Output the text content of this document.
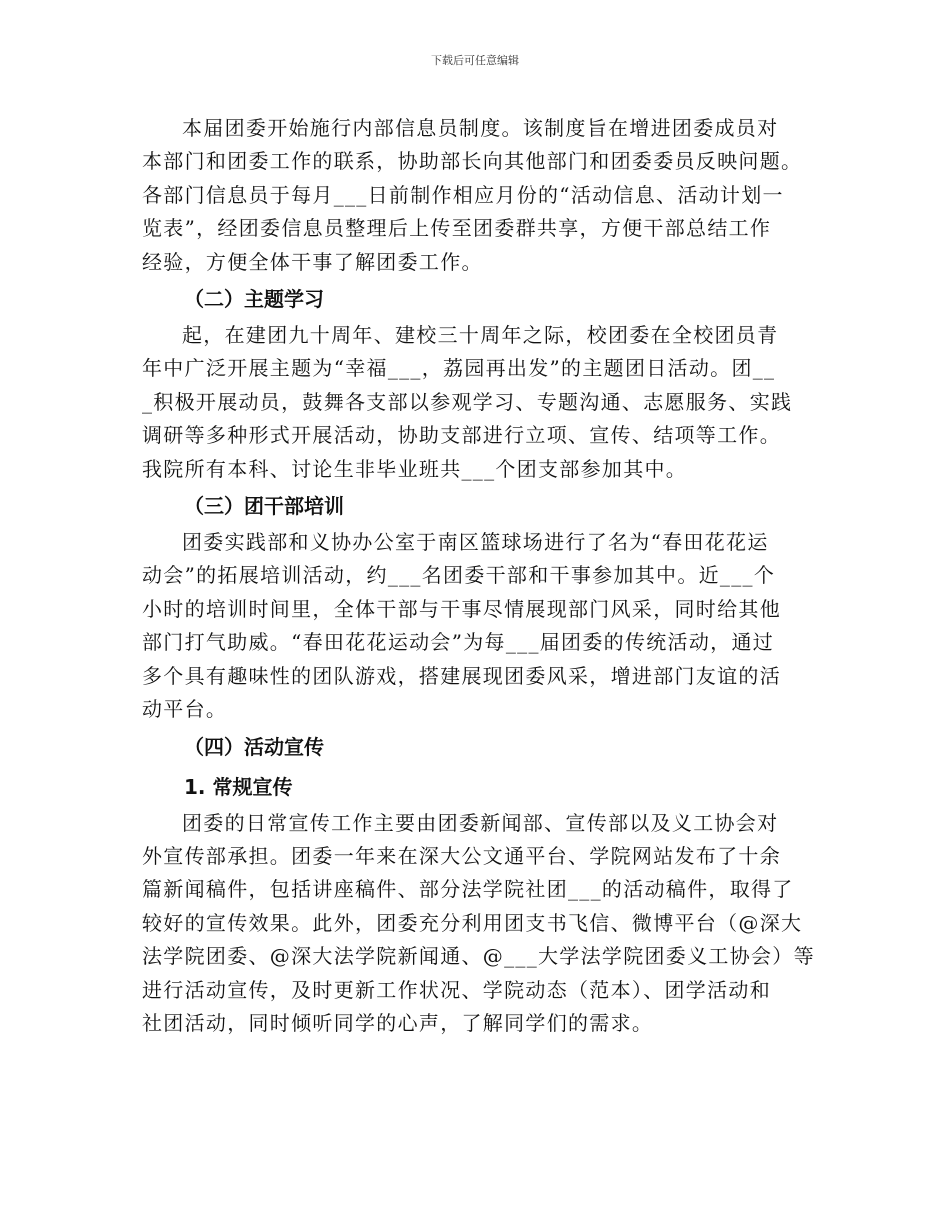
下载后可任意编辑

本届团委开始施行内部信息员制度。该制度旨在增进团委成员对
本部门和团委工作的联系，协助部长向其他部门和团委委员反映问题。
各部门信息员于每月___日前制作相应月份的“活动信息、活动计划一
览表”，经团委信息员整理后上传至团委群共享，方便干部总结工作
经验，方便全体干事了解团委工作。

（二）主题学习

起，在建团九十周年、建校三十周年之际，校团委在全校团员青
年中广泛开展主题为“幸福___，荔园再出发”的主题团日活动。团__
_积极开展动员，鼓舞各支部以参观学习、专题沟通、志愿服务、实践
调研等多种形式开展活动，协助支部进行立项、宣传、结项等工作。
我院所有本科、讨论生非毕业班共___个团支部参加其中。

（三）团干部培训

团委实践部和义协办公室于南区篮球场进行了名为“春田花花运
动会”的拓展培训活动，约___名团委干部和干事参加其中。近___个
小时的培训时间里，全体干部与干事尽情展现部门风采，同时给其他
部门打气助威。“春田花花运动会”为每___届团委的传统活动，通过
多个具有趣味性的团队游戏，搭建展现团委风采，增进部门友谊的活
动平台。

（四）活动宣传
1. 常规宣传

团委的日常宣传工作主要由团委新闻部、宣传部以及义工协会对
外宣传部承担。团委一年来在深大公文通平台、学院网站发布了十余
篇新闻稿件，包括讲座稿件、部分法学院社团___的活动稿件，取得了
较好的宣传效果。此外，团委充分利用团支书飞信、微博平台（@深大
法学院团委、@深大法学院新闻通、@___大学法学院团委义工协会）等
进行活动宣传，及时更新工作状况、学院动态（范本）、团学活动和
社团活动，同时倾听同学的心声，了解同学们的需求。
